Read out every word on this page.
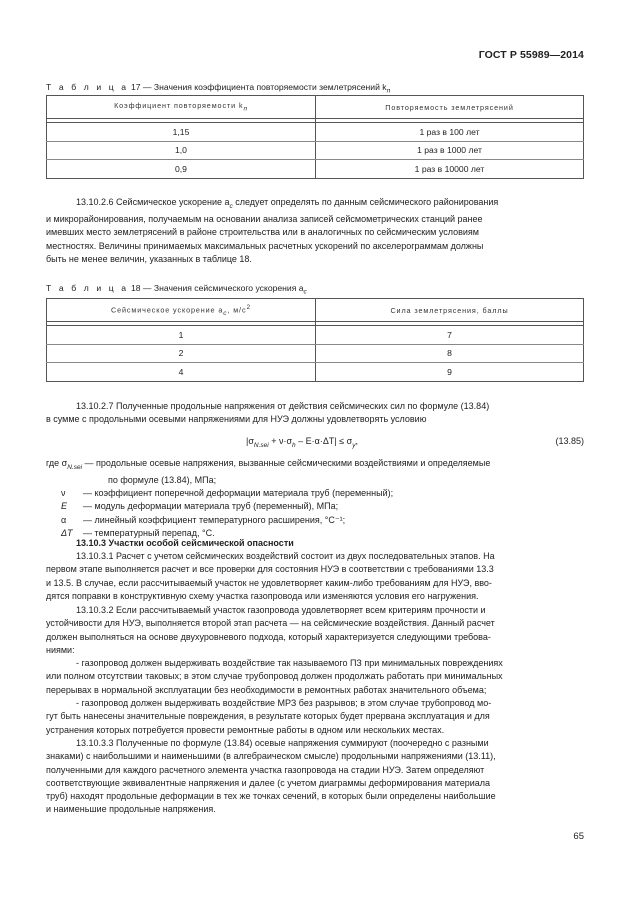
ГОСТ Р 55989—2014
Т а б л и ц а 17 — Значения коэффициента повторяемости землетрясений $k_п$
Коэффициент повторяемости $k_п$	Повторяемость землетрясений

1,15	1 раз в 100 лет
1,0	1 раз в 1000 лет
0,9	1 раз в 10000 лет
13.10.2.6 Сейсмическое ускорение $a_с$ следует определять по данным сейсмического районирования
и микрорайонирования, получаемым на основании анализа записей сейсмометрических станций ранее
имевших место землетрясений в районе строительства или в аналогичных по сейсмическим условиям
местностях. Величины принимаемых максимальных расчетных ускорений по акселерограммам должны
быть не менее величин, указанных в таблице 18.
Т а б л и ц а 18 — Значения сейсмического ускорения $a_с$
Сейсмическое ускорение $a_с$, $м/с^2$	Сила землетрясения, баллы

1	7
2	8
4	9
13.10.2.7 Полученные продольные напряжения от действия сейсмических сил по формуле (13.84)
в сумме с продольными осевыми напряжениями для НУЭ должны удовлетворять условию
$|\sigma_{N.sei} + \nu\cdot\sigma_h - E\cdot\alpha\cdot\Delta T| \le \sigma_y$,	(13.85)
где $\sigma_{N.sei}$ — продольные осевые напряжения, вызванные сейсмическими воздействиями и определяемые
по формуле (13.84), МПа;
ν — коэффициент поперечной деформации материала труб (переменный);
E — модуль деформации материала труб (переменный), МПа;
α — линейный коэффициент температурного расширения, °С⁻¹;
ΔT — температурный перепад, °С.
13.10.3 Участки особой сейсмической опасности
13.10.3.1 Расчет с учетом сейсмических воздействий состоит из двух последовательных этапов. На
первом этапе выполняется расчет и все проверки для состояния НУЭ в соответствии с требованиями 13.3
и 13.5. В случае, если рассчитываемый участок не удовлетворяет каким-либо требованиям для НУЭ, вво-
дятся поправки в конструктивную схему участка газопровода или изменяются условия его нагружения.
13.10.3.2 Если рассчитываемый участок газопровода удовлетворяет всем критериям прочности и
устойчивости для НУЭ, выполняется второй этап расчета — на сейсмические воздействия. Данный расчет
должен выполняться на основе двухуровневого подхода, который характеризуется следующими требова-
ниями:
- газопровод должен выдерживать воздействие так называемого ПЗ при минимальных повреждениях
или полном отсутствии таковых; в этом случае трубопровод должен продолжать работать при минимальных
перерывах в нормальной эксплуатации без необходимости в ремонтных работах значительного объема;
- газопровод должен выдерживать воздействие МРЗ без разрывов; в этом случае трубопровод мо-
гут быть нанесены значительные повреждения, в результате которых будет прервана эксплуатация и для
устранения которых потребуется провести ремонтные работы в одном или нескольких местах.
13.10.3.3 Полученные по формуле (13.84) осевые напряжения суммируют (поочередно с разными
знаками) с наибольшими и наименьшими (в алгебраическом смысле) продольными напряжениями (13.11),
полученными для каждого расчетного элемента участка газопровода на стадии НУЭ. Затем определяют
соответствующие эквивалентные напряжения и далее (с учетом диаграммы деформирования материала
труб) находят продольные деформации в тех же точках сечений, в которых были определены наибольшие
и наименьшие продольные напряжения.
65
